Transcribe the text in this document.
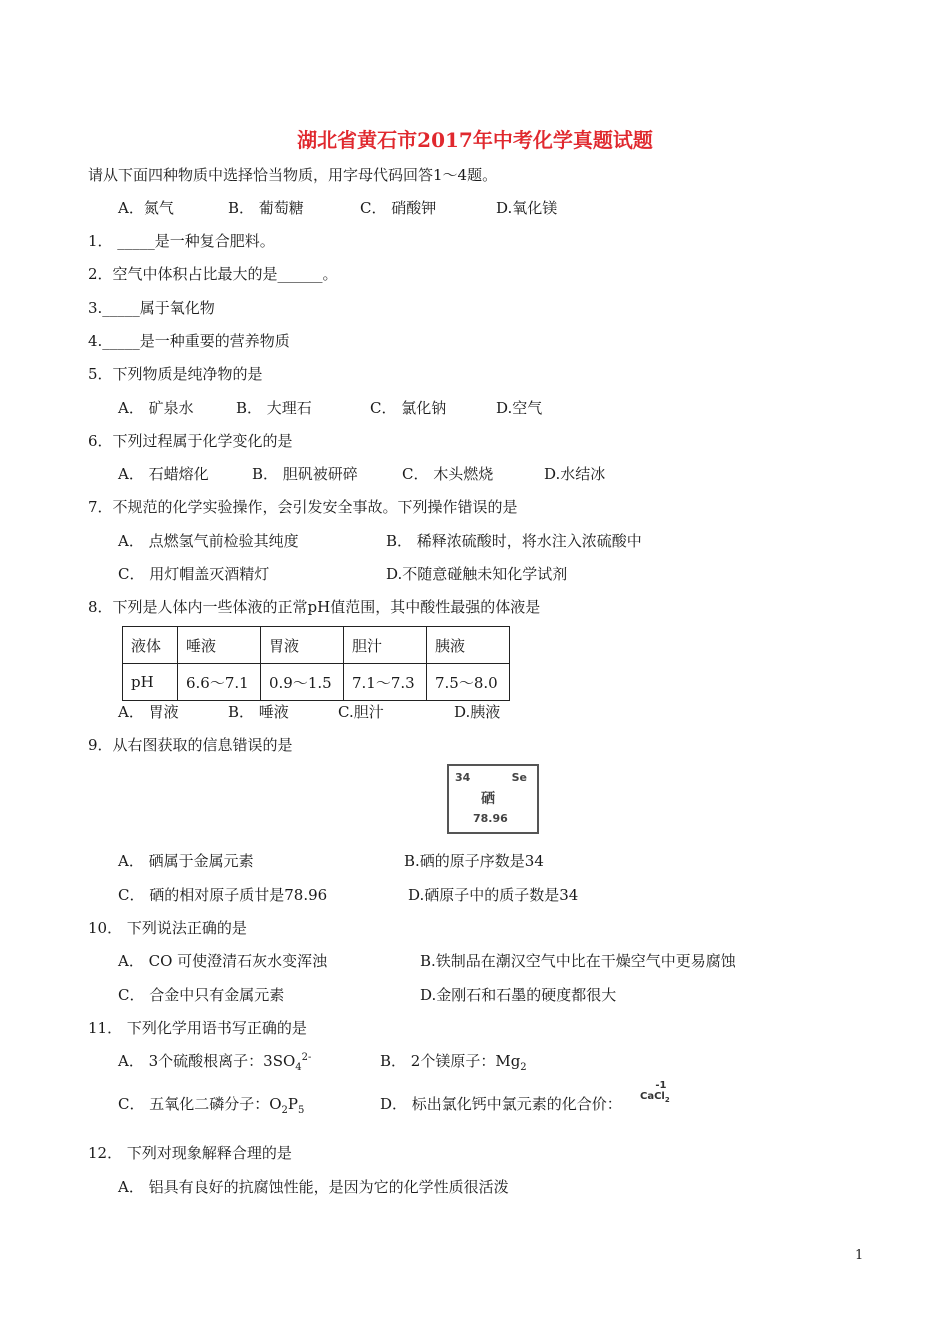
湖北省黄石市2017年中考化学真题试题
请从下面四种物质中选择恰当物质，用字母代码回答1～4题。
A．氮气	B． 葡萄糖	C． 硝酸钾	D.氧化镁
1． _____是一种复合肥料。
2．空气中体积占比最大的是______。
3._____属于氧化物
4._____是一种重要的营养物质
5．下列物质是纯净物的是
A． 矿泉水	B． 大理石	C． 氯化钠	D.空气
6．下列过程属于化学变化的是
A． 石蜡熔化	B． 胆矾被研碎	C． 木头燃烧	D.水结冰
7．不规范的化学实验操作，会引发安全事故。下列操作错误的是
A． 点燃氢气前检验其纯度	B． 稀释浓硫酸时，将水注入浓硫酸中
C． 用灯帽盖灭酒精灯	D.不随意碰触未知化学试剂
8．下列是人体内一些体液的正常pH值范围，其中酸性最强的体液是
液体	唾液	胃液	胆汁	胰液
pH	6.6～7.1	0.9～1.5	7.1～7.3	7.5～8.0
A． 胃液	B． 唾液	C.胆汁	D.胰液
9．从右图获取的信息错误的是
34	Se
硒
78.96
A． 硒属于金属元素	B.硒的原子序数是34
C． 硒的相对原子质甘是78.96	D.硒原子中的质子数是34
10． 下列说法正确的是
A． CO 可使澄清石灰水变浑浊	B.铁制品在潮汉空气中比在干燥空气中更易腐蚀
C． 合金中只有金属元素	D.金刚石和石墨的硬度都很大
11． 下列化学用语书写正确的是
A． 3个硫酸根离子：$3SO_4^{2-}$	B． 2个镁原子：$Mg_2$
C． 五氧化二磷分子：$O_2P_5$	D． 标出氯化钙中氯元素的化合价：
-1
CaCl$_2$
12． 下列对现象解释合理的是
A． 铝具有良好的抗腐蚀性能，是因为它的化学性质很活泼
1
